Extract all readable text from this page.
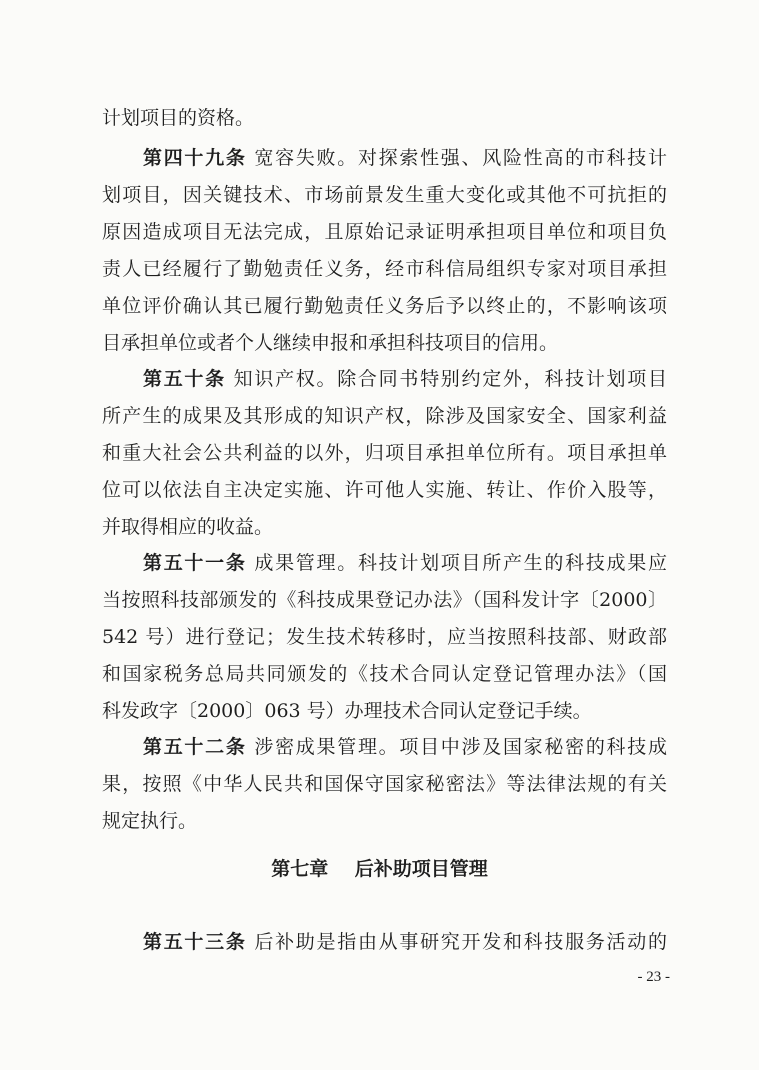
计划项目的资格。
第四十九条 宽容失败。对探索性强、风险性高的市科技计
划项目，因关键技术、市场前景发生重大变化或其他不可抗拒的
原因造成项目无法完成，且原始记录证明承担项目单位和项目负
责人已经履行了勤勉责任义务，经市科信局组织专家对项目承担
单位评价确认其已履行勤勉责任义务后予以终止的，不影响该项
目承担单位或者个人继续申报和承担科技项目的信用。
第五十条 知识产权。除合同书特别约定外，科技计划项目
所产生的成果及其形成的知识产权，除涉及国家安全、国家利益
和重大社会公共利益的以外，归项目承担单位所有。项目承担单
位可以依法自主决定实施、许可他人实施、转让、作价入股等，
并取得相应的收益。
第五十一条 成果管理。科技计划项目所产生的科技成果应
当按照科技部颁发的《科技成果登记办法》（国科发计字〔2000〕
542 号）进行登记；发生技术转移时，应当按照科技部、财政部
和国家税务总局共同颁发的《技术合同认定登记管理办法》（国
科发政字〔2000〕063 号）办理技术合同认定登记手续。
第五十二条 涉密成果管理。项目中涉及国家秘密的科技成
果，按照《中华人民共和国保守国家秘密法》等法律法规的有关
规定执行。
第七章    后补助项目管理
第五十三条 后补助是指由从事研究开发和科技服务活动的
- 23 -
